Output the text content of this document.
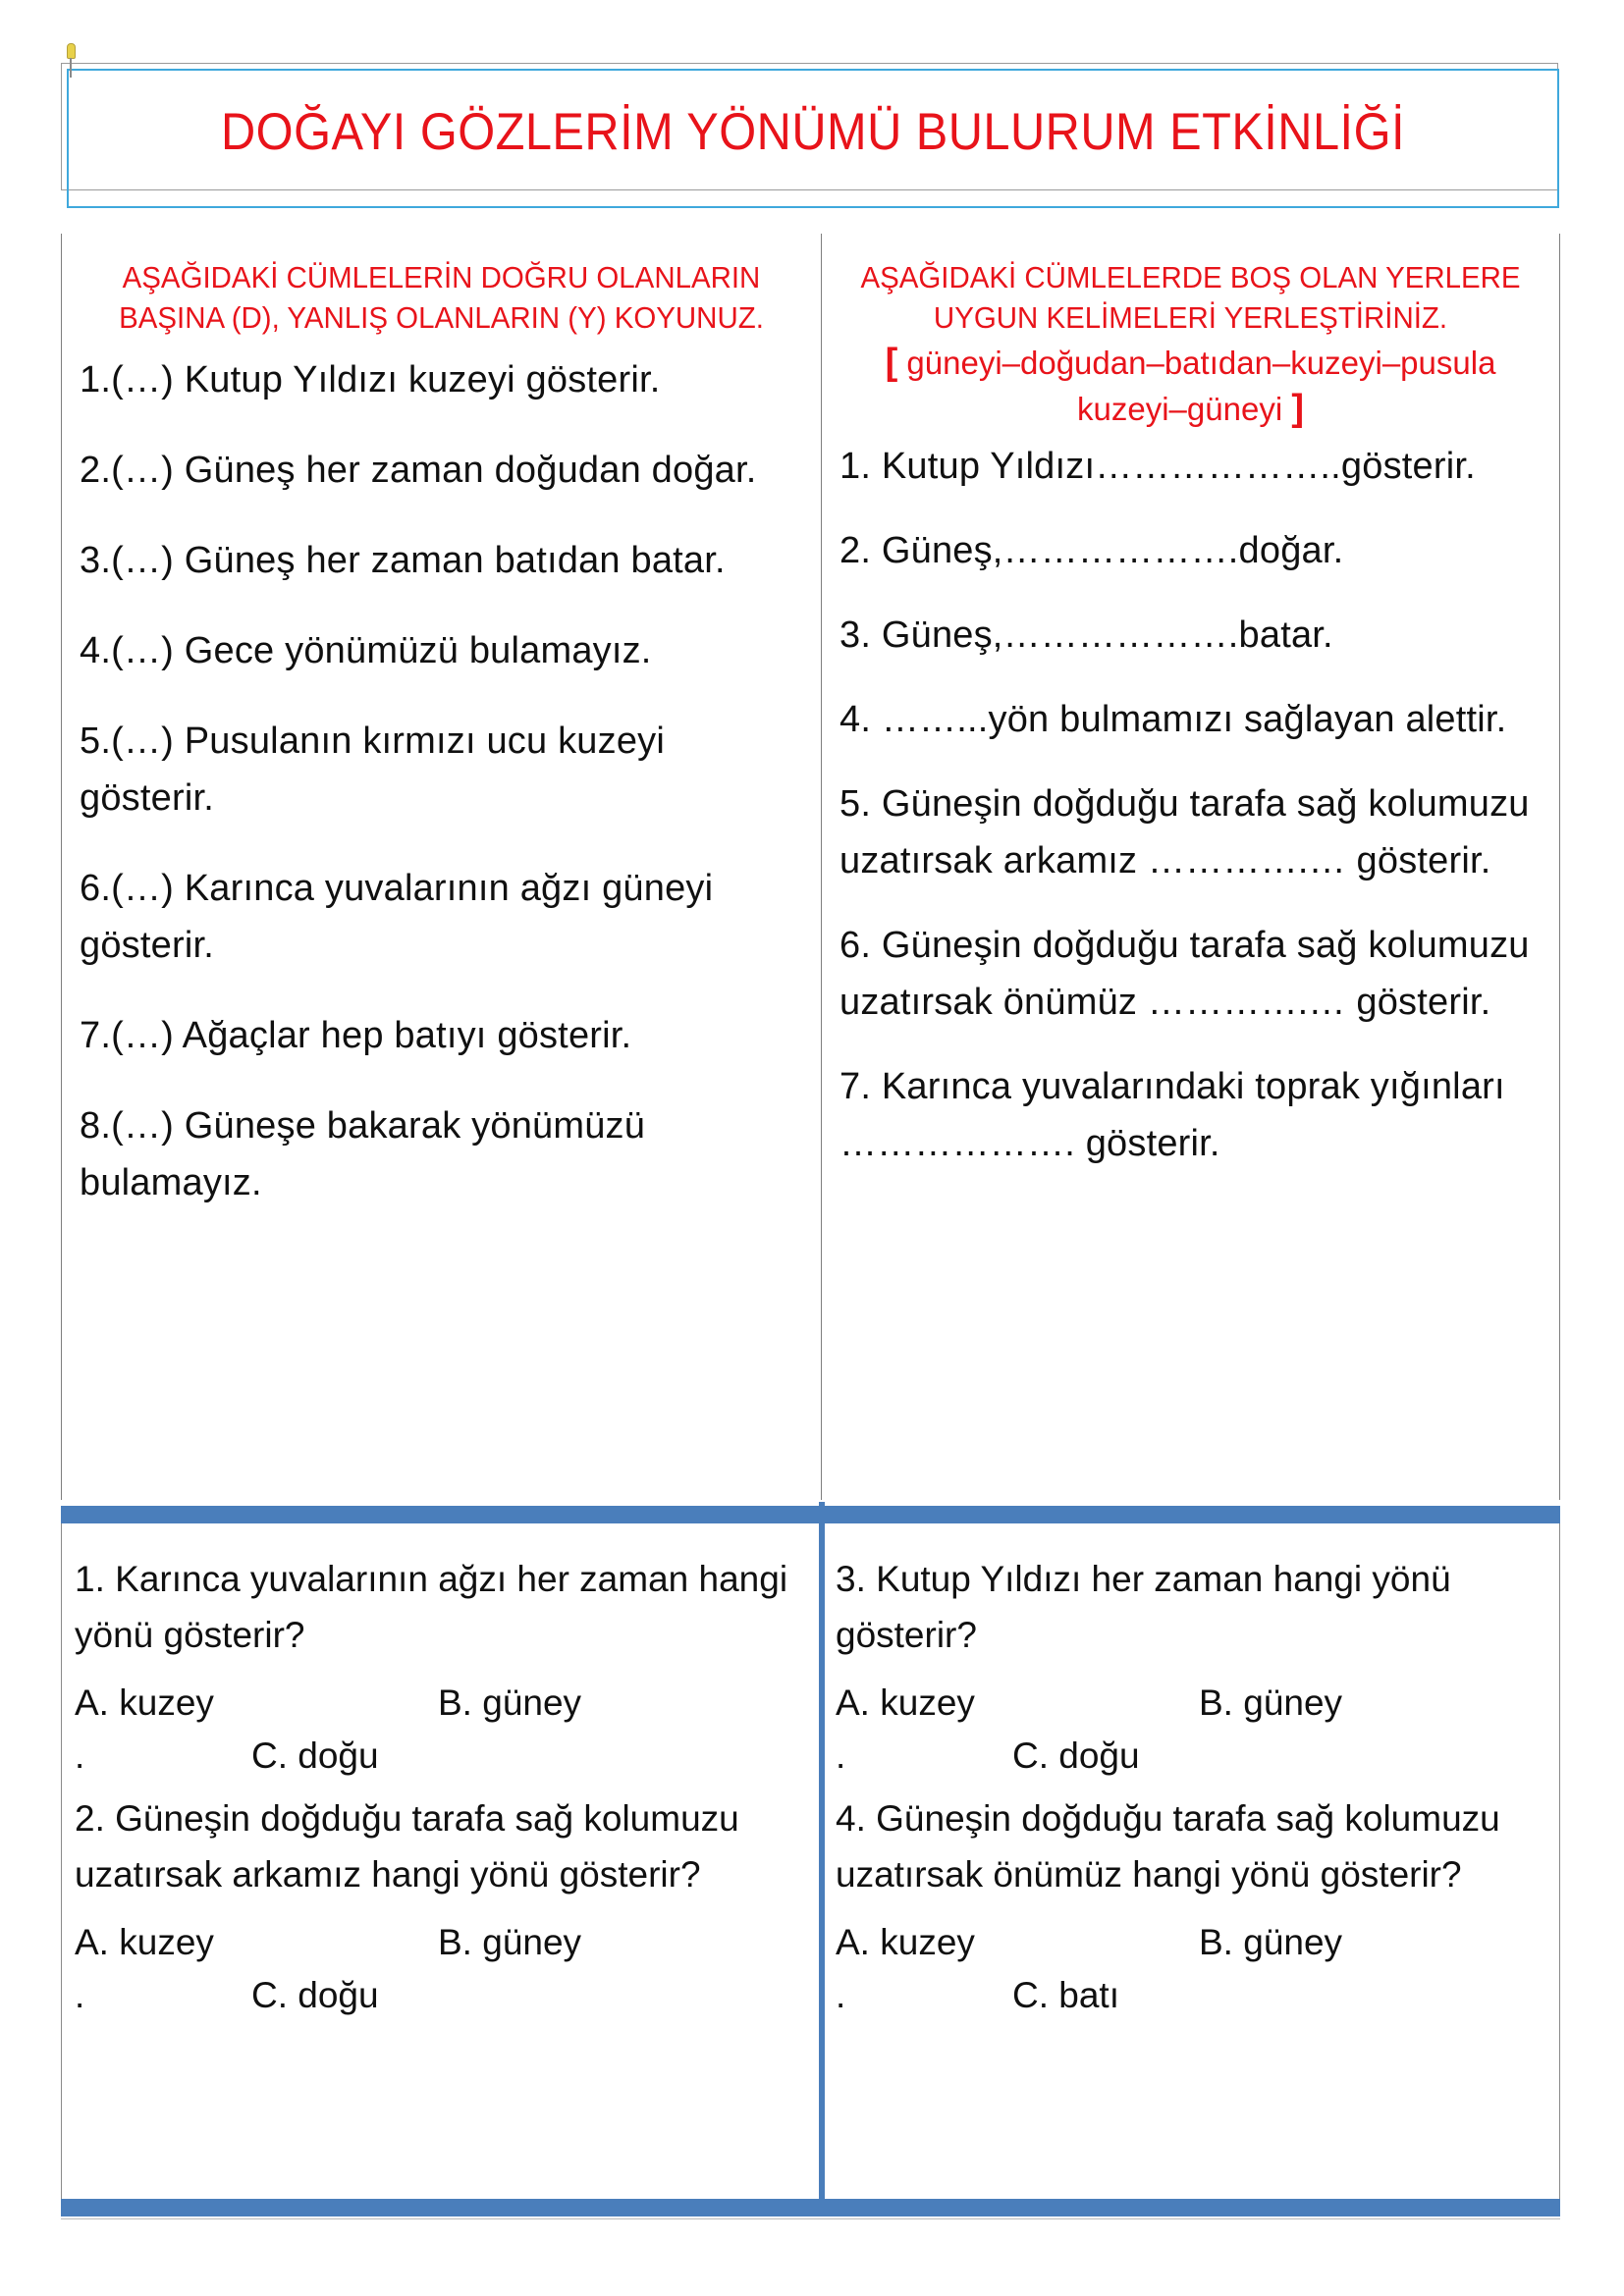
DOĞAYI GÖZLERİM YÖNÜMÜ BULURUM ETKİNLİĞİ
AŞAĞIDAKİ CÜMLELERİN DOĞRU OLANLARIN BAŞINA (D), YANLIŞ OLANLARIN (Y) KOYUNUZ.
1.(…) Kutup Yıldızı kuzeyi gösterir.
2.(…) Güneş her zaman doğudan doğar.
3.(…) Güneş her zaman batıdan batar.
4.(…) Gece yönümüzü bulamayız.
5.(…) Pusulanın kırmızı ucu kuzeyi gösterir.
6.(…) Karınca yuvalarının ağzı güneyi gösterir.
7.(…) Ağaçlar hep batıyı gösterir.
8.(…) Güneşe bakarak yönümüzü bulamayız.
AŞAĞIDAKİ CÜMLELERDE BOŞ OLAN YERLERE UYGUN KELİMELERİ YERLEŞTİRİNİZ.
[ güneyi–doğudan–batıdan–kuzeyi–pusula kuzeyi–güneyi ]
1. Kutup Yıldızı………………..gösterir.
2. Güneş,……………….doğar.
3. Güneş,……………….batar.
4. ……...yön bulmamızı sağlayan alettir.
5. Güneşin doğduğu tarafa sağ kolumuzu uzatırsak arkamız ………….… gösterir.
6. Güneşin doğduğu tarafa sağ kolumuzu uzatırsak önümüz ………….… gösterir.
7. Karınca yuvalarındaki toprak yığınları ………………. gösterir.
1. Karınca yuvalarının ağzı her zaman hangi yönü gösterir?
A. kuzey	B. güney
.	C. doğu
2. Güneşin doğduğu tarafa sağ kolumuzu uzatırsak arkamız hangi yönü gösterir?
A. kuzey	B. güney
.	C. doğu
3. Kutup Yıldızı her zaman hangi yönü gösterir?
A. kuzey	B. güney
.	C. doğu
4. Güneşin doğduğu tarafa sağ kolumuzu uzatırsak önümüz hangi yönü gösterir?
A. kuzey	B. güney
.	C. batı
